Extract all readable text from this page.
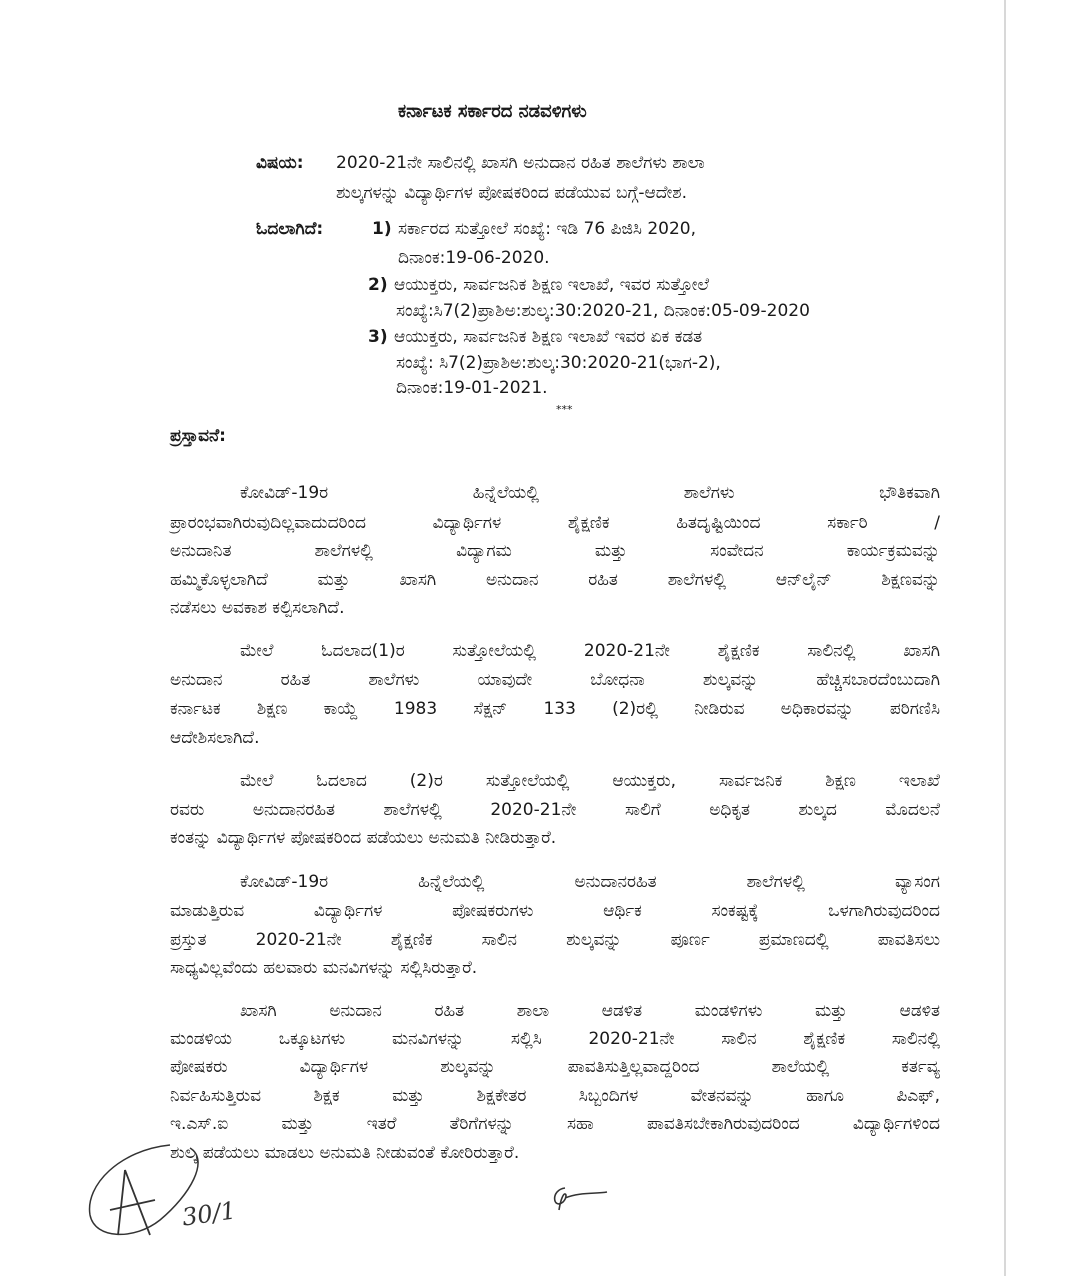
ಕರ್ನಾಟಕ ಸರ್ಕಾರದ ನಡವಳಿಗಳು
ವಿಷಯ: 2020-21ನೇ ಸಾಲಿನಲ್ಲಿ ಖಾಸಗಿ ಅನುದಾನ ರಹಿತ ಶಾಲೆಗಳು ಶಾಲಾ
ಶುಲ್ಕಗಳನ್ನು ವಿದ್ಯಾರ್ಥಿಗಳ ಪೋಷಕರಿಂದ ಪಡೆಯುವ ಬಗ್ಗೆ-ಆದೇಶ.
ಓದಲಾಗಿದೆ:	1) ಸರ್ಕಾರದ ಸುತ್ತೋಲೆ ಸಂಖ್ಯೆ: ಇಡಿ 76 ಪಿಜಿಸಿ 2020,
ದಿನಾಂಕ:19-06-2020.
2) ಆಯುಕ್ತರು, ಸಾರ್ವಜನಿಕ ಶಿಕ್ಷಣ ಇಲಾಖೆ, ಇವರ ಸುತ್ತೋಲೆ
ಸಂಖ್ಯೆ:ಸಿ7(2)ಪ್ರಾಶಿಅ:ಶುಲ್ಕ:30:2020-21, ದಿನಾಂಕ:05-09-2020
3) ಆಯುಕ್ತರು, ಸಾರ್ವಜನಿಕ ಶಿಕ್ಷಣ ಇಲಾಖೆ ಇವರ ಏಕ ಕಡತ
ಸಂಖ್ಯೆ: ಸಿ7(2)ಪ್ರಾಶಿಅ:ಶುಲ್ಕ:30:2020-21(ಭಾಗ-2),
ದಿನಾಂಕ:19-01-2021.
***
ಪ್ರಸ್ತಾವನೆ:
ಕೋವಿಡ್-19ರ ಹಿನ್ನೆಲೆಯಲ್ಲಿ ಶಾಲೆಗಳು ಭೌತಿಕವಾಗಿ
ಪ್ರಾರಂಭವಾಗಿರುವುದಿಲ್ಲವಾದುದರಿಂದ ವಿದ್ಯಾರ್ಥಿಗಳ ಶೈಕ್ಷಣಿಕ ಹಿತದೃಷ್ಟಿಯಿಂದ ಸರ್ಕಾರಿ /
ಅನುದಾನಿತ ಶಾಲೆಗಳಲ್ಲಿ ವಿದ್ಯಾಗಮ ಮತ್ತು ಸಂವೇದನ ಕಾರ್ಯಕ್ರಮವನ್ನು
ಹಮ್ಮಿಕೊಳ್ಳಲಾಗಿದೆ ಮತ್ತು ಖಾಸಗಿ ಅನುದಾನ ರಹಿತ ಶಾಲೆಗಳಲ್ಲಿ ಆನ್‌ಲೈನ್ ಶಿಕ್ಷಣವನ್ನು
ನಡೆಸಲು ಅವಕಾಶ ಕಲ್ಪಿಸಲಾಗಿದೆ.
ಮೇಲೆ ಓದಲಾದ(1)ರ ಸುತ್ತೋಲೆಯಲ್ಲಿ 2020-21ನೇ ಶೈಕ್ಷಣಿಕ ಸಾಲಿನಲ್ಲಿ ಖಾಸಗಿ
ಅನುದಾನ ರಹಿತ ಶಾಲೆಗಳು ಯಾವುದೇ ಬೋಧನಾ ಶುಲ್ಕವನ್ನು ಹೆಚ್ಚಿಸಬಾರದೆಂಬುದಾಗಿ
ಕರ್ನಾಟಕ ಶಿಕ್ಷಣ ಕಾಯ್ದೆ 1983 ಸೆಕ್ಷನ್ 133 (2)ರಲ್ಲಿ ನೀಡಿರುವ ಅಧಿಕಾರವನ್ನು ಪರಿಗಣಿಸಿ
ಆದೇಶಿಸಲಾಗಿದೆ.
ಮೇಲೆ ಓದಲಾದ (2)ರ ಸುತ್ತೋಲೆಯಲ್ಲಿ ಆಯುಕ್ತರು, ಸಾರ್ವಜನಿಕ ಶಿಕ್ಷಣ ಇಲಾಖೆ
ರವರು ಅನುದಾನರಹಿತ ಶಾಲೆಗಳಲ್ಲಿ 2020-21ನೇ ಸಾಲಿಗೆ ಅಧಿಕೃತ ಶುಲ್ಕದ ಮೊದಲನೆ
ಕಂತನ್ನು ವಿದ್ಯಾರ್ಥಿಗಳ ಪೋಷಕರಿಂದ ಪಡೆಯಲು ಅನುಮತಿ ನೀಡಿರುತ್ತಾರೆ.
ಕೋವಿಡ್-19ರ ಹಿನ್ನೆಲೆಯಲ್ಲಿ ಅನುದಾನರಹಿತ ಶಾಲೆಗಳಲ್ಲಿ ವ್ಯಾಸಂಗ
ಮಾಡುತ್ತಿರುವ ವಿದ್ಯಾರ್ಥಿಗಳ ಪೋಷಕರುಗಳು ಆರ್ಥಿಕ ಸಂಕಷ್ಟಕ್ಕೆ ಒಳಗಾಗಿರುವುದರಿಂದ
ಪ್ರಸ್ತುತ 2020-21ನೇ ಶೈಕ್ಷಣಿಕ ಸಾಲಿನ ಶುಲ್ಕವನ್ನು ಪೂರ್ಣ ಪ್ರಮಾಣದಲ್ಲಿ ಪಾವತಿಸಲು
ಸಾಧ್ಯವಿಲ್ಲವೆಂದು ಹಲವಾರು ಮನವಿಗಳನ್ನು ಸಲ್ಲಿಸಿರುತ್ತಾರೆ.
ಖಾಸಗಿ ಅನುದಾನ ರಹಿತ ಶಾಲಾ ಆಡಳಿತ ಮಂಡಳಿಗಳು ಮತ್ತು ಆಡಳಿತ
ಮಂಡಳಿಯ ಒಕ್ಕೂಟಗಳು ಮನವಿಗಳನ್ನು ಸಲ್ಲಿಸಿ 2020-21ನೇ ಸಾಲಿನ ಶೈಕ್ಷಣಿಕ ಸಾಲಿನಲ್ಲಿ
ಪೋಷಕರು ವಿದ್ಯಾರ್ಥಿಗಳ ಶುಲ್ಕವನ್ನು ಪಾವತಿಸುತ್ತಿಲ್ಲವಾದ್ದರಿಂದ ಶಾಲೆಯಲ್ಲಿ ಕರ್ತವ್ಯ
ನಿರ್ವಹಿಸುತ್ತಿರುವ ಶಿಕ್ಷಕ ಮತ್ತು ಶಿಕ್ಷಕೇತರ ಸಿಬ್ಬಂದಿಗಳ ವೇತನವನ್ನು ಹಾಗೂ ಪಿಎಫ್,
ಇ.ಎಸ್.ಐ ಮತ್ತು ಇತರೆ ತೆರಿಗೆಗಳನ್ನು ಸಹಾ ಪಾವತಿಸಬೇಕಾಗಿರುವುದರಿಂದ ವಿದ್ಯಾರ್ಥಿಗಳಿಂದ
ಶುಲ್ಕ ಪಡೆಯಲು ಮಾಡಲು ಅನುಮತಿ ನೀಡುವಂತೆ ಕೋರಿರುತ್ತಾರೆ.
30/1
